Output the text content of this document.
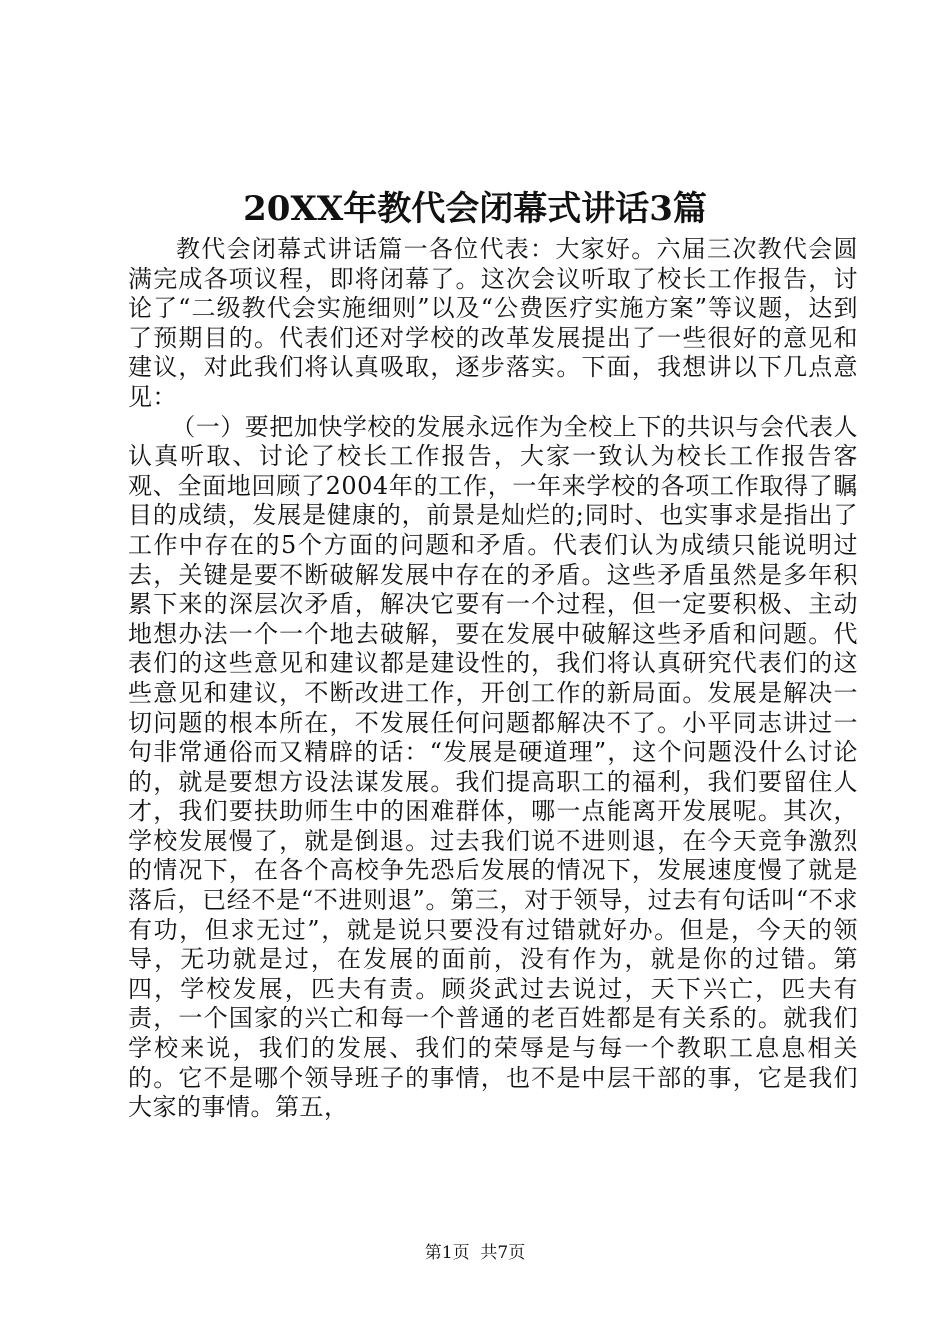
20XX年教代会闭幕式讲话3篇

教代会闭幕式讲话篇一各位代表：大家好。六届三次教代会圆满完成各项议程，即将闭幕了。这次会议听取了校长工作报告，讨论了“二级教代会实施细则”以及“公费医疗实施方案”等议题，达到了预期目的。代表们还对学校的改革发展提出了一些很好的意见和建议，对此我们将认真吸取，逐步落实。下面，我想讲以下几点意见：

（一）要把加快学校的发展永远作为全校上下的共识与会代表人认真听取、讨论了校长工作报告，大家一致认为校长工作报告客观、全面地回顾了2004年的工作，一年来学校的各项工作取得了瞩目的成绩，发展是健康的，前景是灿烂的;同时、也实事求是指出了工作中存在的5个方面的问题和矛盾。代表们认为成绩只能说明过去，关键是要不断破解发展中存在的矛盾。这些矛盾虽然是多年积累下来的深层次矛盾，解决它要有一个过程，但一定要积极、主动地想办法一个一个地去破解，要在发展中破解这些矛盾和问题。代表们的这些意见和建议都是建设性的，我们将认真研究代表们的这些意见和建议，不断改进工作，开创工作的新局面。发展是解决一切问题的根本所在，不发展任何问题都解决不了。小平同志讲过一句非常通俗而又精辟的话：“发展是硬道理”，这个问题没什么讨论的，就是要想方设法谋发展。我们提高职工的福利，我们要留住人才，我们要扶助师生中的困难群体，哪一点能离开发展呢。其次，学校发展慢了，就是倒退。过去我们说不进则退，在今天竞争激烈的情况下，在各个高校争先恐后发展的情况下，发展速度慢了就是落后，已经不是“不进则退”。第三，对于领导，过去有句话叫“不求有功，但求无过”，就是说只要没有过错就好办。但是，今天的领导，无功就是过，在发展的面前，没有作为，就是你的过错。第四，学校发展，匹夫有责。顾炎武过去说过，天下兴亡，匹夫有责，一个国家的兴亡和每一个普通的老百姓都是有关系的。就我们学校来说，我们的发展、我们的荣辱是与每一个教职工息息相关的。它不是哪个领导班子的事情，也不是中层干部的事，它是我们大家的事情。第五，

第1页  共7页
